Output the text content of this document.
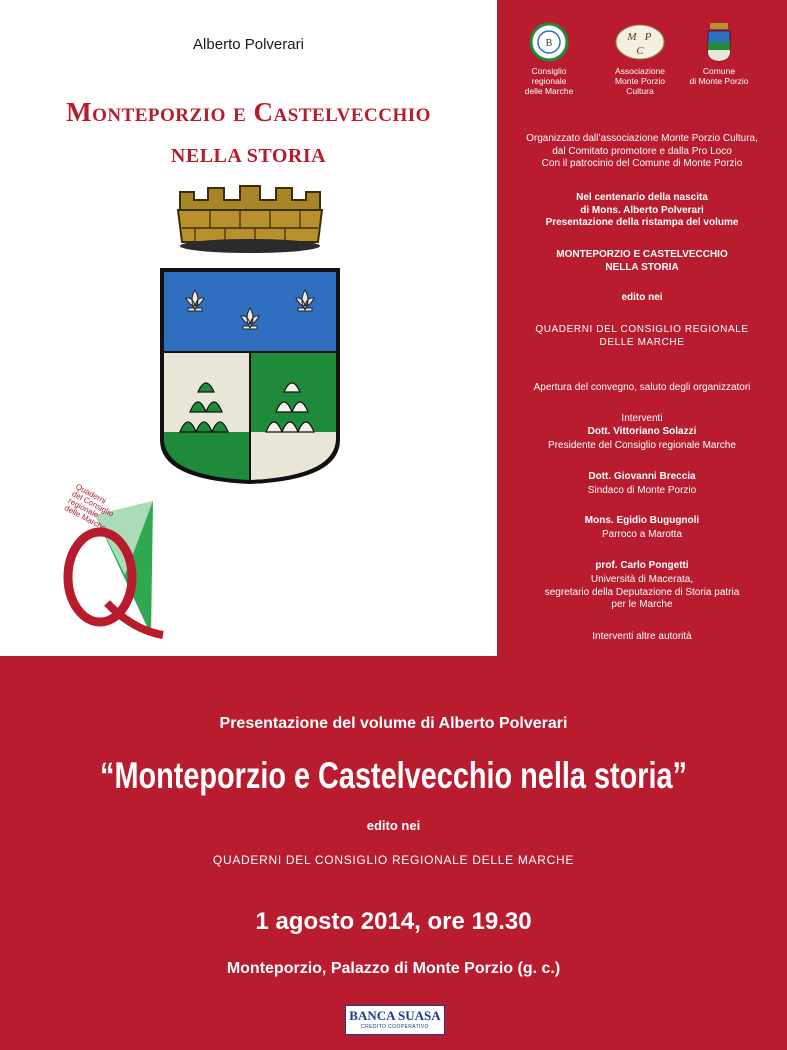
Alberto Polverari
Monteporzio e Castelvecchio
NELLA STORIA
Quaderni
del Consiglio
regionale
delle Marche
B
Consiglio
regionale
delle Marche
M P
C
Associazione
Monte Porzio
Cultura
Comune
di Monte Porzio
Organizzato dall’associazione Monte Porzio Cultura,
dal Comitato promotore e dalla Pro Loco
Con il patrocinio del Comune di Monte Porzio
Nel centenario della nascita
di Mons. Alberto Polverari
Presentazione della ristampa del volume
MONTEPORZIO E CASTELVECCHIO
NELLA STORIA
edito nei
QUADERNI DEL CONSIGLIO REGIONALE
DELLE MARCHE
Apertura del convegno, saluto degli organizzatori
Interventi
Dott. Vittoriano Solazzi
Presidente del Consiglio regionale Marche
Dott. Giovanni Breccia
Sindaco di Monte Porzio
Mons. Egidio Bugugnoli
Parroco a Marotta
prof. Carlo Pongetti
Università di Macerata,
segretario della Deputazione di Storia patria
per le Marche
Interventi altre autorità
Presentazione del volume di Alberto Polverari
“Monteporzio e Castelvecchio nella storia”
edito nei
QUADERNI DEL CONSIGLIO REGIONALE DELLE MARCHE
1 agosto 2014, ore 19.30
Monteporzio, Palazzo di Monte Porzio (g. c.)
BANCA SUASA
CREDITO COOPERATIVO
